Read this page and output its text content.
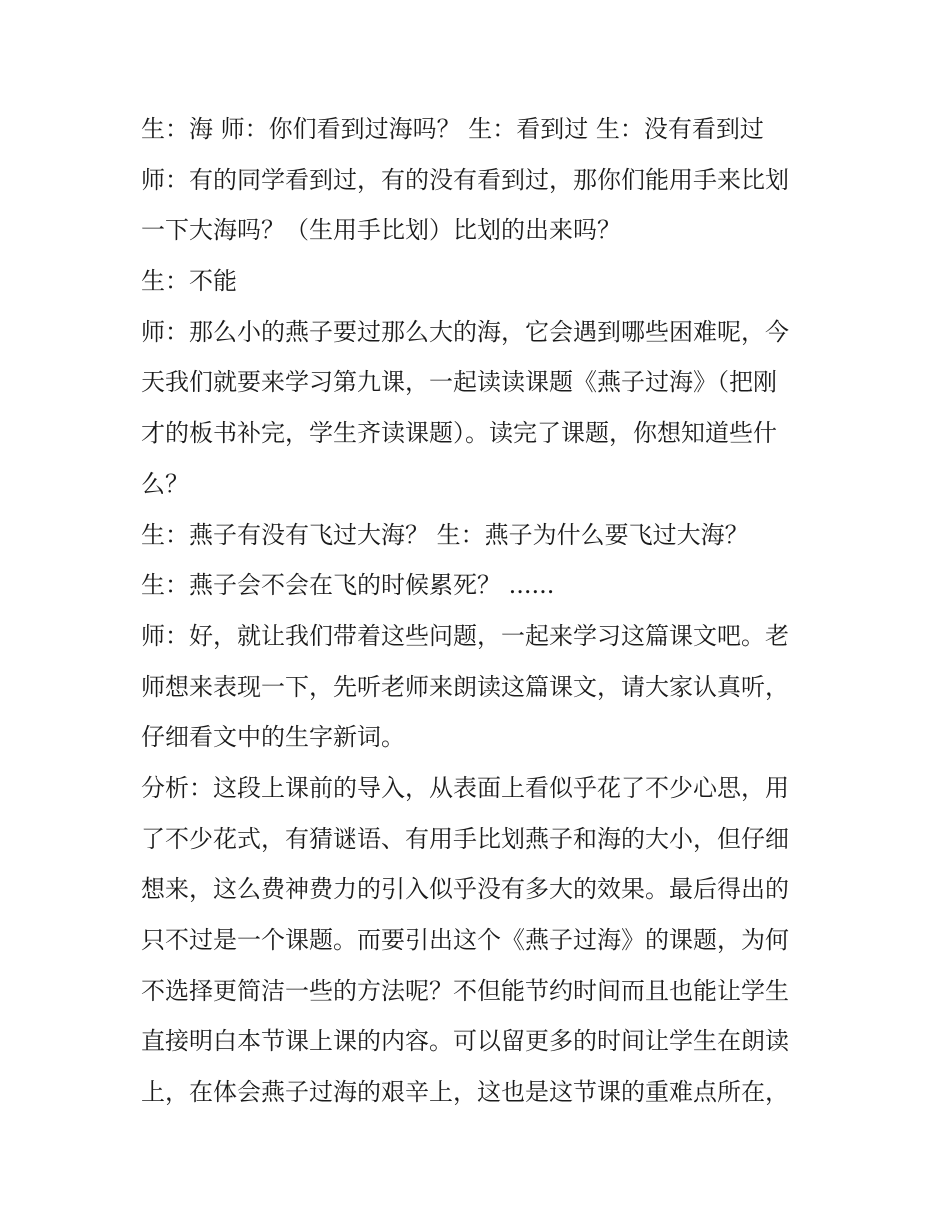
生：海 师：你们看到过海吗？ 生：看到过 生：没有看到过
师：有的同学看到过，有的没有看到过，那你们能用手来比划
一下大海吗？（生用手比划）比划的出来吗？
生：不能
师：那么小的燕子要过那么大的海，它会遇到哪些困难呢，今
天我们就要来学习第九课，一起读读课题《燕子过海》（把刚
才的板书补完，学生齐读课题）。读完了课题，你想知道些什
么？
生：燕子有没有飞过大海？ 生：燕子为什么要飞过大海？
生：燕子会不会在飞的时候累死？ ......
师：好，就让我们带着这些问题，一起来学习这篇课文吧。老
师想来表现一下，先听老师来朗读这篇课文，请大家认真听，
仔细看文中的生字新词。
分析：这段上课前的导入，从表面上看似乎花了不少心思，用
了不少花式，有猜谜语、有用手比划燕子和海的大小，但仔细
想来，这么费神费力的引入似乎没有多大的效果。最后得出的
只不过是一个课题。而要引出这个《燕子过海》的课题，为何
不选择更简洁一些的方法呢？不但能节约时间而且也能让学生
直接明白本节课上课的内容。可以留更多的时间让学生在朗读
上，在体会燕子过海的艰辛上，这也是这节课的重难点所在，
